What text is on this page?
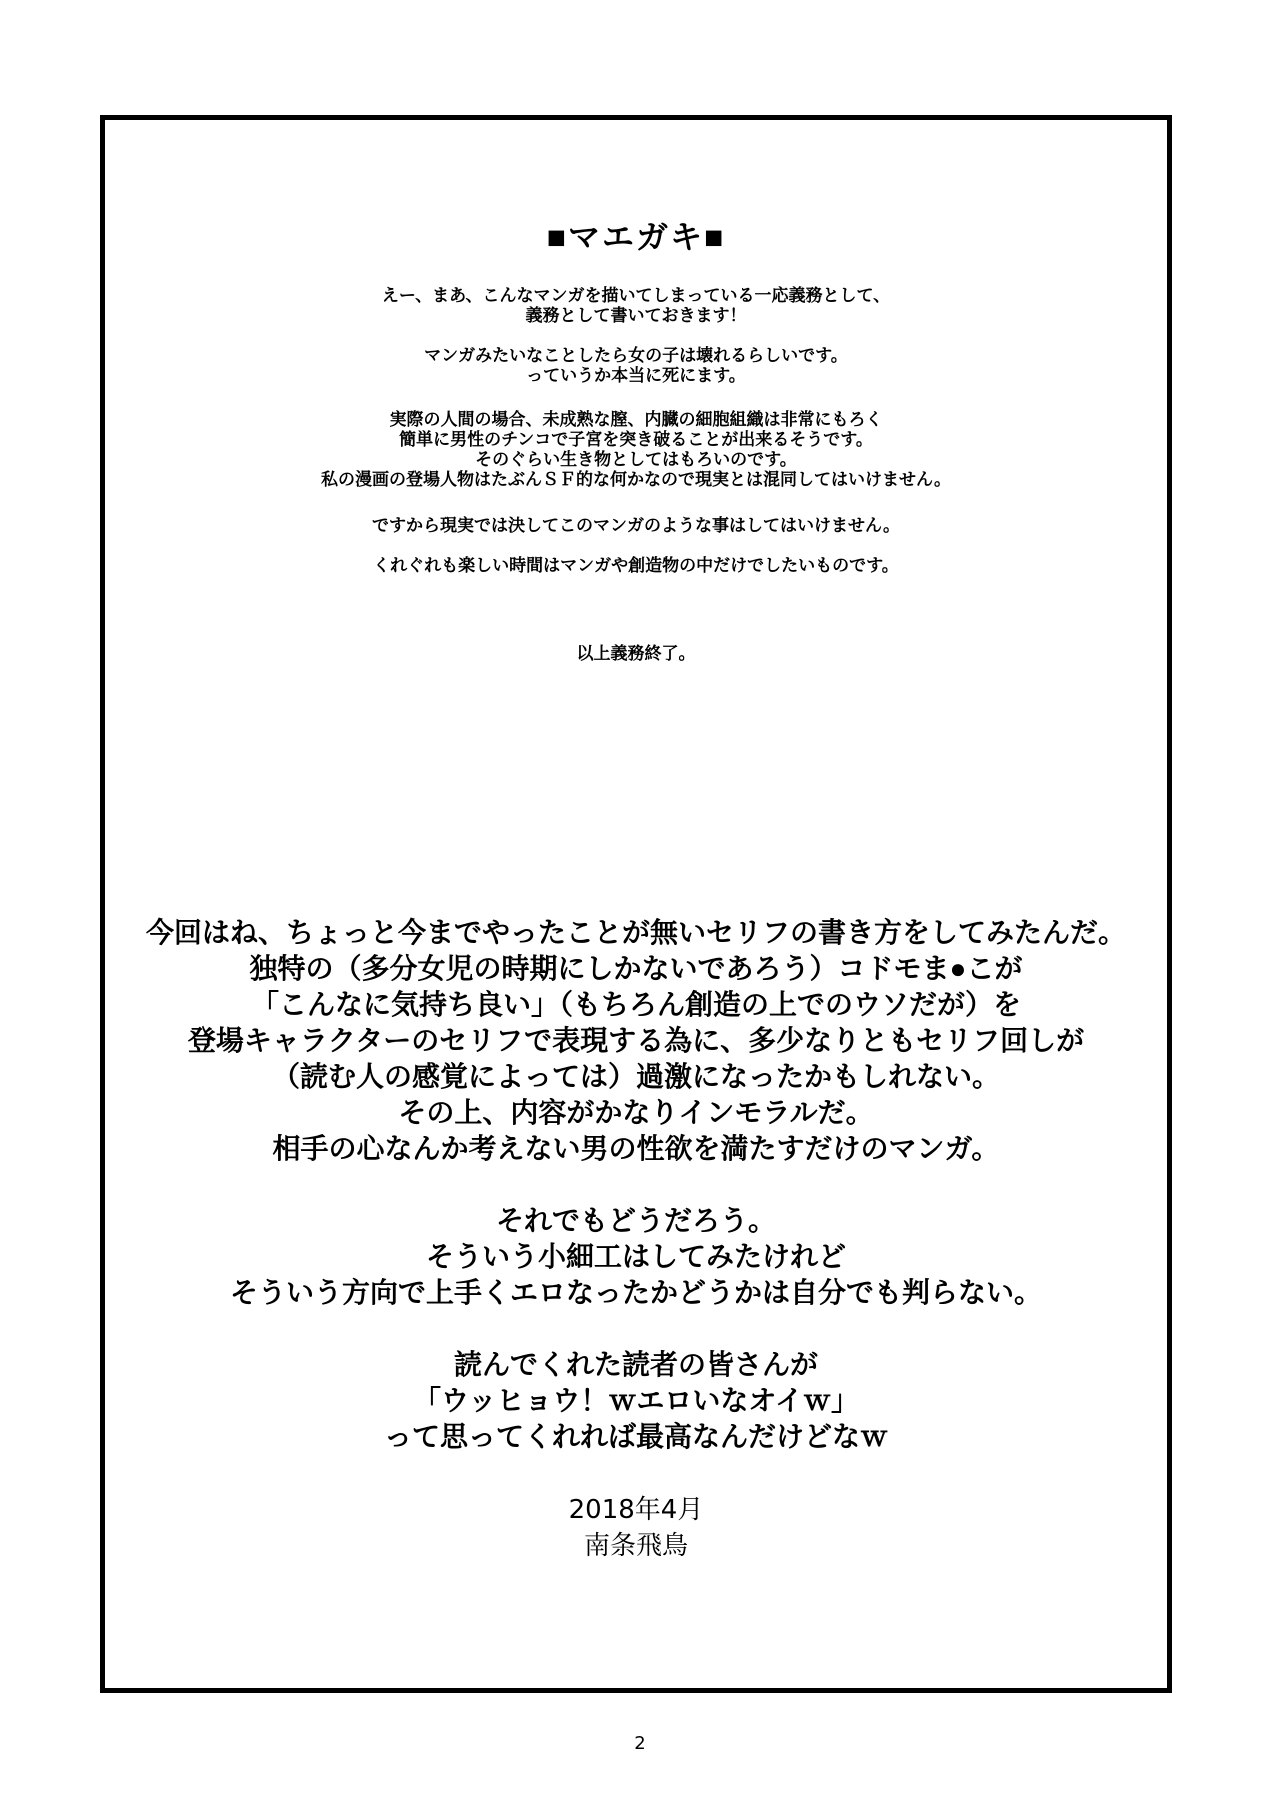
■マエガキ■
えー、まあ、こんなマンガを描いてしまっている一応義務として、
義務として書いておきます！
マンガみたいなことしたら女の子は壊れるらしいです。
っていうか本当に死にます。
実際の人間の場合、未成熟な膣、内臓の細胞組織は非常にもろく
簡単に男性のチンコで子宮を突き破ることが出来るそうです。
そのぐらい生き物としてはもろいのです。
私の漫画の登場人物はたぶんＳＦ的な何かなので現実とは混同してはいけません。
ですから現実では決してこのマンガのような事はしてはいけません。
くれぐれも楽しい時間はマンガや創造物の中だけでしたいものです。
以上義務終了。
今回はね、ちょっと今までやったことが無いセリフの書き方をしてみたんだ。
独特の（多分女児の時期にしかないであろう）コドモま●こが
「こんなに気持ち良い」（もちろん創造の上でのウソだが）を
登場キャラクターのセリフで表現する為に、多少なりともセリフ回しが
（読む人の感覚によっては）過激になったかもしれない。
その上、内容がかなりインモラルだ。
相手の心なんか考えない男の性欲を満たすだけのマンガ。
それでもどうだろう。
そういう小細工はしてみたけれど
そういう方向で上手くエロなったかどうかは自分でも判らない。
読んでくれた読者の皆さんが
「ウッヒョウ！ｗエロいなオイｗ」
って思ってくれれば最高なんだけどなｗ
2018年4月
南条飛鳥
2
